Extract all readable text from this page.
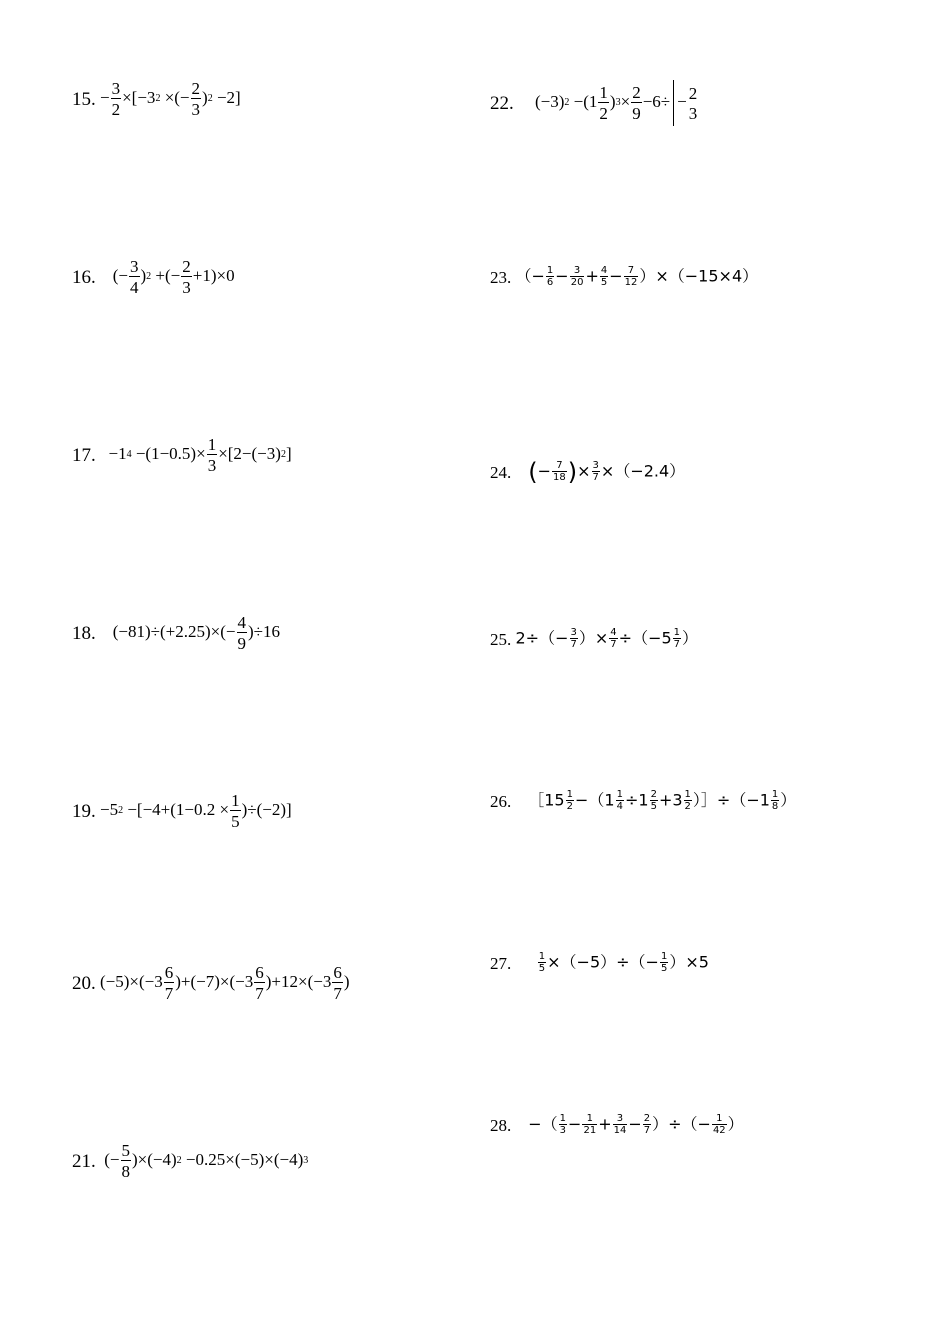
15. − $\frac{3}{2} \times[-3^2$ ×(− $\frac{2}{3} )^2 -2$]
16. (− $\frac{3}{4} )^2$ +(− $\frac{2}{3} +1)\times 0$
17. $-1^4 -(1-0.5)\times \frac{1}{3} \times[2-(-3)^2]$
18. $(-81)\div(+2.25)\times(- \frac{4}{9} )\div 16$
19. $-5^2 -[-4+(1-0.2 \times \frac{1}{5} )\div(-2)]$
20. $(-5)\times(-3 \frac{6}{7} )+(-7)\times(-3 \frac{6}{7} )+12\times(-3 \frac{6}{7}$ )
21. (− $\frac{5}{8} )\times(-4)^2 -0.25\times(-5)\times(-4)^3$
22. $(-3)^2 -(1 \frac{1}{2} )^3\times \frac{2}{9} -6\div - 2$
3
23. （− $\frac{1}{6} - \frac{3}{20} + \frac{4}{5} - \frac{7}{12} )\times(-15\times 4)$
24. (− $\frac{7}{18}$ )× $\frac{3}{7} \times(-2.4)$
25. $2\div(- \frac{3}{7}$ ）× $\frac{4}{7} \div(-5 \frac{1}{7}$ ）
26. ［15 $\frac{1}{2} -(1 \frac{1}{4} \div 1 \frac{2}{5} +3 \frac{1}{2}$ ）］÷（−1 $\frac{1}{8}$ ）
27.	$\frac{1}{5} \times(-5)\div(- \frac{1}{5} )\times 5$
28. −（ $\frac{1}{3} - \frac{1}{21} + \frac{3}{14} - \frac{2}{7}$ ）÷（− $\frac{1}{42}$ ）
